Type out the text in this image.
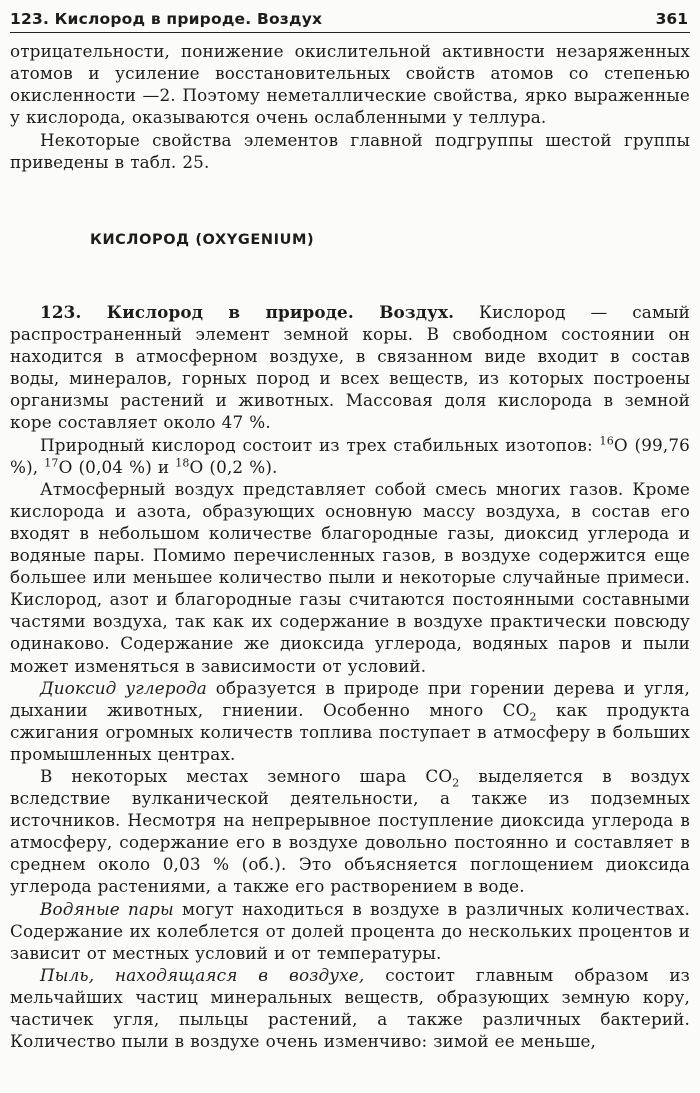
123. Кислород в природе. Воздух	361

отрицательности, понижение окислительной активности незаряженных атомов и усиление восстановительных свойств атомов со степенью окисленности —2. Поэтому неметаллические свойства, ярко выраженные у кислорода, оказываются очень ослабленными у теллура.

Некоторые свойства элементов главной подгруппы шестой группы приведены в табл. 25.

КИСЛОРОД (OXYGENIUM)

123. Кислород в природе. Воздух. Кислород — самый распространенный элемент земной коры. В свободном состоянии он находится в атмосферном воздухе, в связанном виде входит в состав воды, минералов, горных пород и всех веществ, из которых построены организмы растений и животных. Массовая доля кислорода в земной коре составляет около 47 %.

Природный кислород состоит из трех стабильных изотопов: $^{16}$O (99,76 %), $^{17}$O (0,04 %) и $^{18}$O (0,2 %).

Атмосферный воздух представляет собой смесь многих газов. Кроме кислорода и азота, образующих основную массу воздуха, в состав его входят в небольшом количестве благородные газы, диоксид углерода и водяные пары. Помимо перечисленных газов, в воздухе содержится еще большее или меньшее количество пыли и некоторые случайные примеси. Кислород, азот и благородные газы считаются постоянными составными частями воздуха, так как их содержание в воздухе практически повсюду одинаково. Содержание же диоксида углерода, водяных паров и пыли может изменяться в зависимости от условий.

Диоксид углерода образуется в природе при горении дерева и угля, дыхании животных, гниении. Особенно много $CO_2$ как продукта сжигания огромных количеств топлива поступает в атмосферу в больших промышленных центрах.

В некоторых местах земного шара $CO_2$ выделяется в воздух вследствие вулканической деятельности, а также из подземных источников. Несмотря на непрерывное поступление диоксида углерода в атмосферу, содержание его в воздухе довольно постоянно и составляет в среднем около 0,03 % (об.). Это объясняется поглощением диоксида углерода растениями, а также его растворением в воде.

Водяные пары могут находиться в воздухе в различных количествах. Содержание их колеблется от долей процента до нескольких процентов и зависит от местных условий и от температуры.

Пыль, находящаяся в воздухе, состоит главным образом из мельчайших частиц минеральных веществ, образующих земную кору, частичек угля, пыльцы растений, а также различных бактерий. Количество пыли в воздухе очень изменчиво: зимой ее меньше,
